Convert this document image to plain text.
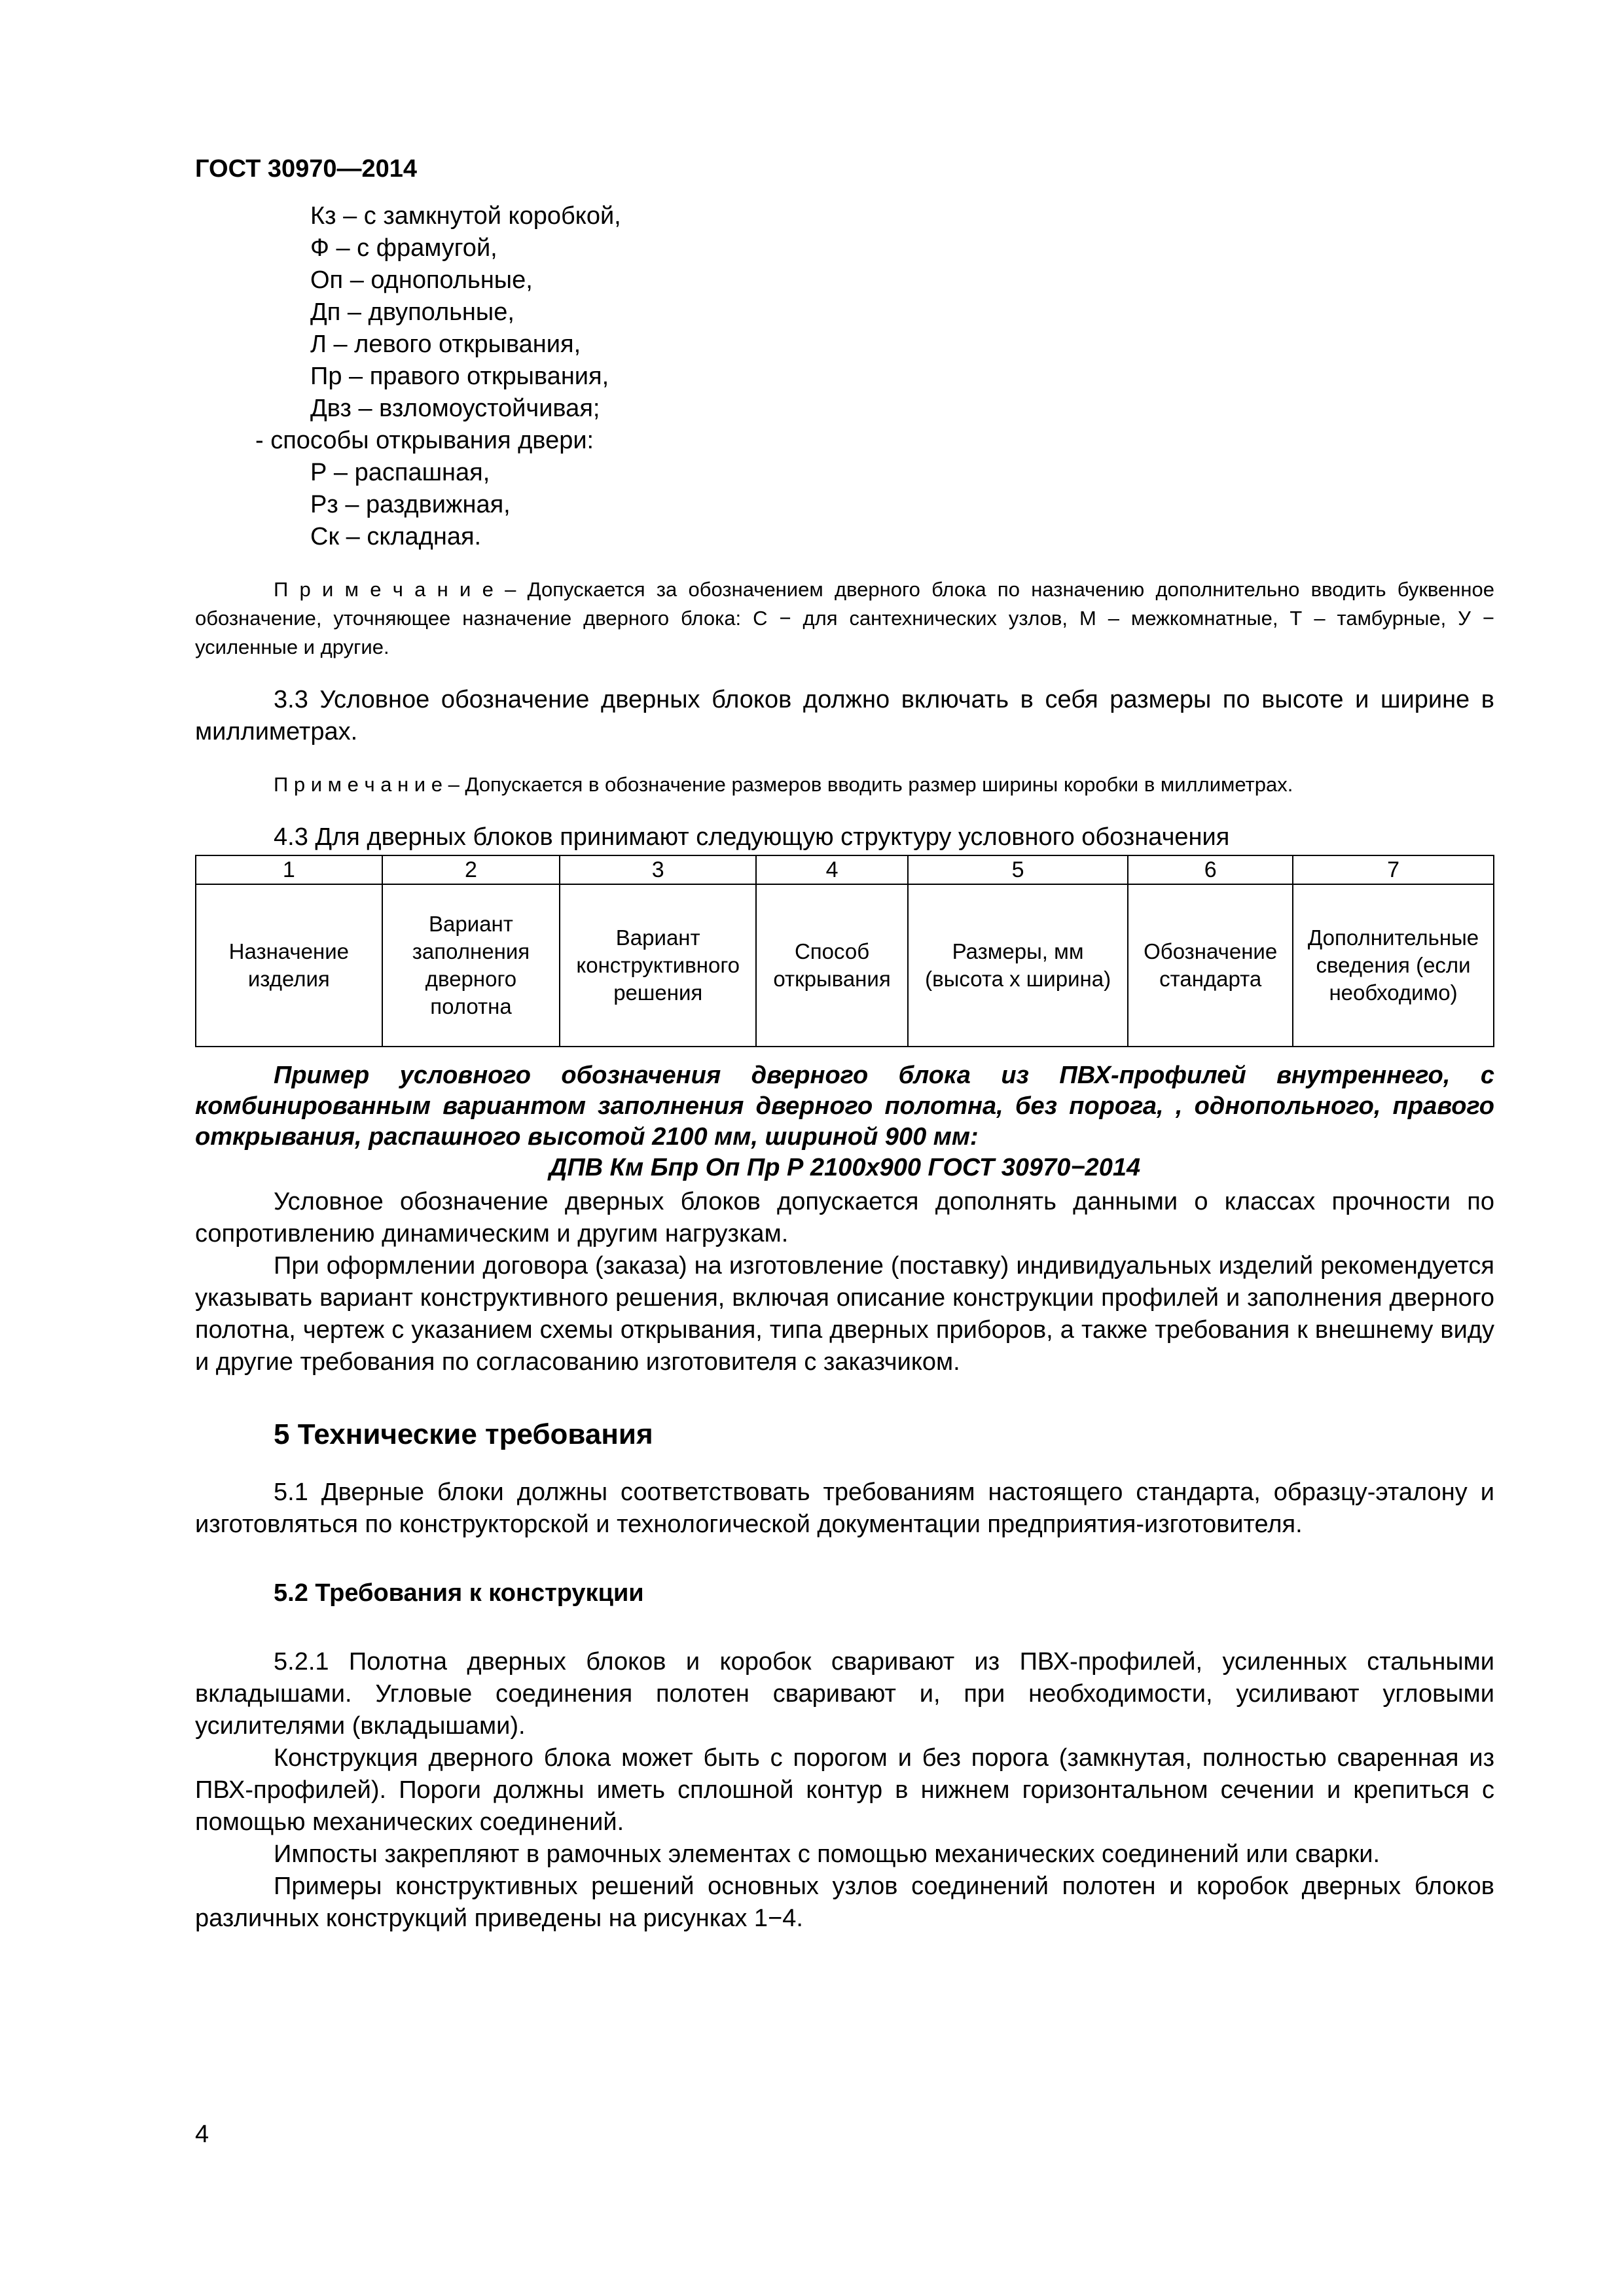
ГОСТ 30970—2014
Кз – с замкнутой коробкой,
Ф – с фрамугой,
Оп – однопольные,
Дп – двупольные,
Л – левого открывания,
Пр – правого открывания,
Двз – взломоустойчивая;
- способы открывания двери:
Р – распашная,
Рз – раздвижная,
Ск – складная.

П р и м е ч а н и е – Допускается за обозначением дверного блока по назначению дополнительно вводить буквенное обозначение, уточняющее назначение дверного блока: С − для сантехнических узлов, М – межкомнатные, Т – тамбурные, У − усиленные и другие.

3.3 Условное обозначение дверных блоков должно включать в себя размеры по высоте и ширине в миллиметрах.

П р и м е ч а н и е – Допускается в обозначение размеров вводить размер ширины коробки в миллиметрах.

4.3 Для дверных блоков принимают следующую структуру условного обозначения
1	2	3	4	5	6	7
Назначение изделия	Вариант заполнения дверного полотна	Вариант конструктивного решения	Способ открывания	Размеры, мм (высота х ширина)	Обозначение стандарта	Дополнительные сведения (если необходимо)

Пример условного обозначения дверного блока из ПВХ-профилей внутреннего, с комбинированным вариантом заполнения дверного полотна, без порога, , однопольного, правого открывания, распашного высотой 2100 мм, шириной 900 мм:

ДПВ Км Бпр Оп Пр Р 2100х900 ГОСТ 30970−2014

Условное обозначение дверных блоков допускается дополнять данными о классах прочности по сопротивлению динамическим и другим нагрузкам.

При оформлении договора (заказа) на изготовление (поставку) индивидуальных изделий рекомендуется указывать вариант конструктивного решения, включая описание конструкции профилей и заполнения дверного полотна, чертеж с указанием схемы открывания, типа дверных приборов, а также требования к внешнему виду и другие требования по согласованию изготовителя с заказчиком.

5 Технические требования

5.1 Дверные блоки должны соответствовать требованиям настоящего стандарта, образцу-эталону и изготовляться по конструкторской и технологической документации предприятия-изготовителя.

5.2 Требования к конструкции

5.2.1 Полотна дверных блоков и коробок сваривают из ПВХ-профилей, усиленных стальными вкладышами. Угловые соединения полотен сваривают и, при необходимости, усиливают угловыми усилителями (вкладышами).

Конструкция дверного блока может быть с порогом и без порога (замкнутая, полностью сваренная из ПВХ-профилей). Пороги должны иметь сплошной контур в нижнем горизонтальном сечении и крепиться с помощью механических соединений.

Импосты закрепляют в рамочных элементах с помощью механических соединений или сварки.

Примеры конструктивных решений основных узлов соединений полотен и коробок дверных блоков различных конструкций приведены на рисунках 1−4.

4
